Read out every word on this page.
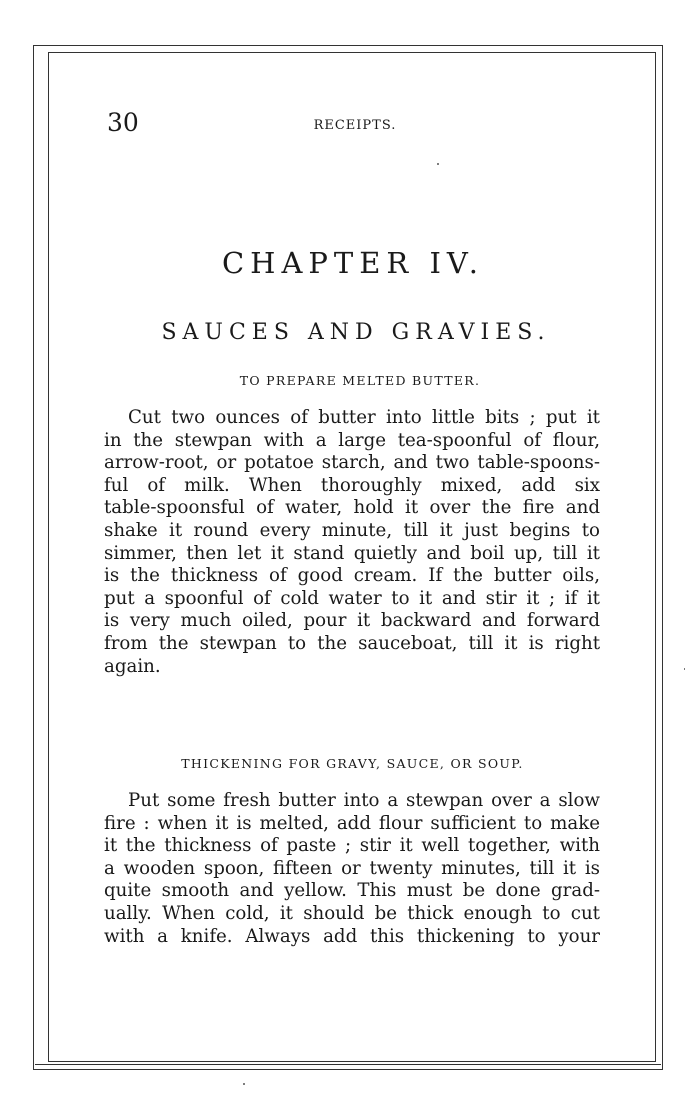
30	RECEIPTS.
CHAPTER IV.
SAUCES AND GRAVIES.
TO PREPARE MELTED BUTTER.
Cut two ounces of butter into little bits ; put it
in the stewpan with a large tea-spoonful of flour,
arrow-root, or potatoe starch, and two table-spoons-
ful of milk. When thoroughly mixed, add six
table-spoonsful of water, hold it over the fire and
shake it round every minute, till it just begins to
simmer, then let it stand quietly and boil up, till it
is the thickness of good cream. If the butter oils,
put a spoonful of cold water to it and stir it ; if it
is very much oiled, pour it backward and forward
from the stewpan to the sauceboat, till it is right
again.
THICKENING FOR GRAVY, SAUCE, OR SOUP.
Put some fresh butter into a stewpan over a slow
fire : when it is melted, add flour sufficient to make
it the thickness of paste ; stir it well together, with
a wooden spoon, fifteen or twenty minutes, till it is
quite smooth and yellow. This must be done grad-
ually. When cold, it should be thick enough to cut
with a knife. Always add this thickening to your
